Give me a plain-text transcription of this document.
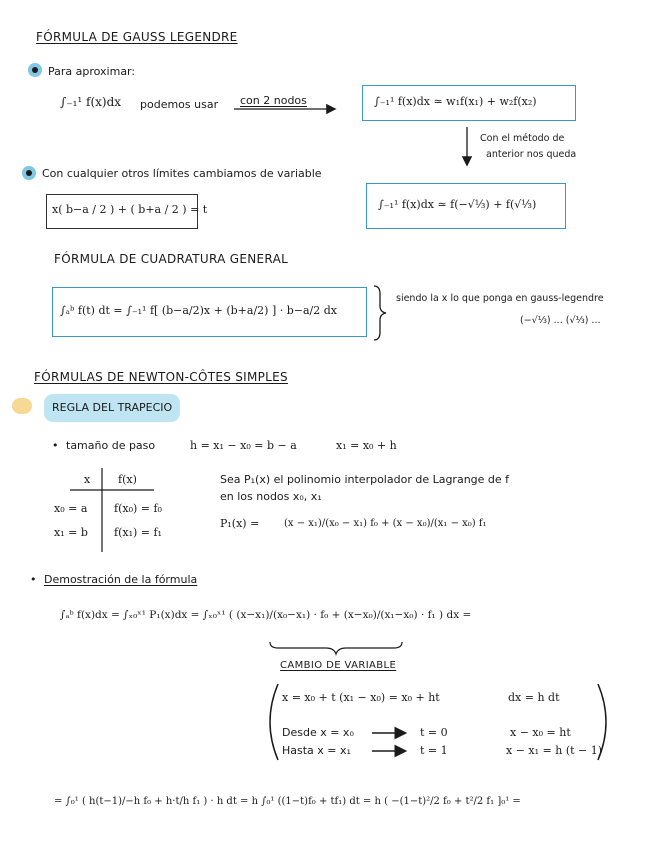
FÓRMULA DE GAUSS LEGENDRE
Para aproximar:
∫₋₁¹ f(x)dx podemos usar con 2 nodos	∫₋₁¹ f(x)dx ≃ w₁f(x₁) + w₂f(x₂)
Con el método de
anterior nos queda
Con cualquier otros límites cambiamos de variable
x( b−a / 2 ) + ( b+a / 2 ) = t	∫₋₁¹ f(x)dx ≃ f(−√⅓) + f(√⅓)
FÓRMULA DE CUADRATURA GENERAL
∫ₐᵇ f(t) dt = ∫₋₁¹ f[ (b−a/2)x + (b+a/2) ] · b−a/2 dx
siendo la x lo que ponga en gauss-legendre
(−√⅓) ... (√⅓) ...
FÓRMULAS DE NEWTON-CÔTES SIMPLES
REGLA DEL TRAPECIO
• tamaño de paso	h = x₁ − x₀ = b − a	x₁ = x₀ + h
x	f(x)
x₀ = a f(x₀) = f₀
x₁ = b f(x₁) = f₁
Sea P₁(x) el polinomio interpolador de Lagrange de f
en los nodos x₀, x₁
P₁(x) = (x − x₁)/(x₀ − x₁) f₀ + (x − x₀)/(x₁ − x₀) f₁
• Demostración de la fórmula
∫ₐᵇ f(x)dx = ∫ₓ₀ˣ¹ P₁(x)dx = ∫ₓ₀ˣ¹ ( (x−x₁)/(x₀−x₁) · f₀ + (x−x₀)/(x₁−x₀) · f₁ ) dx =
CAMBIO DE VARIABLE
x = x₀ + t (x₁ − x₀) = x₀ + ht	dx = h dt
Desde x = x₀	t = 0	x − x₀ = ht
Hasta x = x₁	t = 1	x − x₁ = h (t − 1)
= ∫₀¹ ( h(t−1)/−h f₀ + h·t/h f₁ ) · h dt = h ∫₀¹ ((1−t)f₀ + tf₁) dt = h ( −(1−t)²/2 f₀ + t²/2 f₁ ]₀¹ =
